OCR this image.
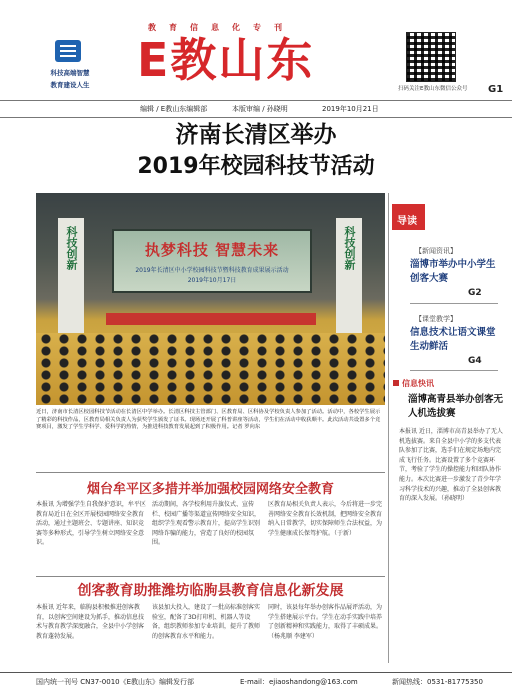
科技高端智慧
教育建设人生
教育信息化专刊
E教山东
扫码关注E教山东微信公众号 G1
编辑 / E教山东编辑部	本版审编 / 孙晓明	2019年10月21日
济南长清区举办
2019年校园科技节活动
科技创新	科技创新
执梦科技 智慧未来
2019年长清区中小学校园科技节暨科技教育成果展示活动
2019年10月17日
近日，济南市长清区校园科技节活动在长清区中学举办。长清区科技主管部门、区教育局、区科协及学校负责人参加了活动。活动中，各校学生展示了精彩的科技作品，区教育局相关负责人为获奖学生颁发了证书。现场还开展了科普讲座等活动，学生们在活动中收获颇丰。此次活动共设置多个竞赛项目，激发了学生学科学、爱科学的热情，为推进科技教育发展起到了积极作用。记者 罗向东
导读
【新闻资讯】
淄博市举办中小学生创客大赛
G2
【课堂教学】
信息技术让语文课堂生动鲜活
G4
信息快讯
淄博高青县举办创客无人机选拔赛
本报讯 近日，淄博市高青县举办了无人机选拔赛。来自全县中小学的多支代表队参加了比赛，选手们在规定场地内完成飞行任务。比赛设置了多个竞赛环节，考验了学生的操控能力和团队协作能力。本次比赛进一步激发了青少年学习科学技术的兴趣，推动了全县创客教育的深入发展。（孙晓明）
烟台牟平区多措并举加强校园网络安全教育
本报讯 为增强学生自我保护意识，牟平区教育局近日在全区开展校园网络安全教育活动，通过主题班会、专题讲座、知识竞赛等多种形式，引导学生树立网络安全意识。
活动期间，各学校利用升旗仪式、宣传栏、校园广播等渠道宣传网络安全知识，组织学生观看警示教育片，提高学生识别网络诈骗的能力，营造了良好的校园氛围。
区教育局相关负责人表示，今后将进一步完善网络安全教育长效机制，把网络安全教育纳入日常教学，切实保障师生合法权益，为学生健康成长保驾护航。（于新）
创客教育助推潍坊临朐县教育信息化新发展
本报讯 近年来，临朐县积极推进创客教育，以创客空间建设为抓手，推动信息技术与教育教学深度融合，全县中小学创客教育蓬勃发展。
该县加大投入，建设了一批高标准创客实验室，配备了3D打印机、机器人等设备，组织教师参加专业培训，提升了教师的创客教育水平和能力。
同时，该县每年举办创客作品展评活动，为学生搭建展示平台。学生在动手实践中培养了创新精神和实践能力，取得了丰硕成果。（杨兆顺 李建军）
国内统一刊号 CN37-0010《E教山东》编辑发行部	E-mail：ejiaoshandong@163.com	新闻热线：0531-81775350
